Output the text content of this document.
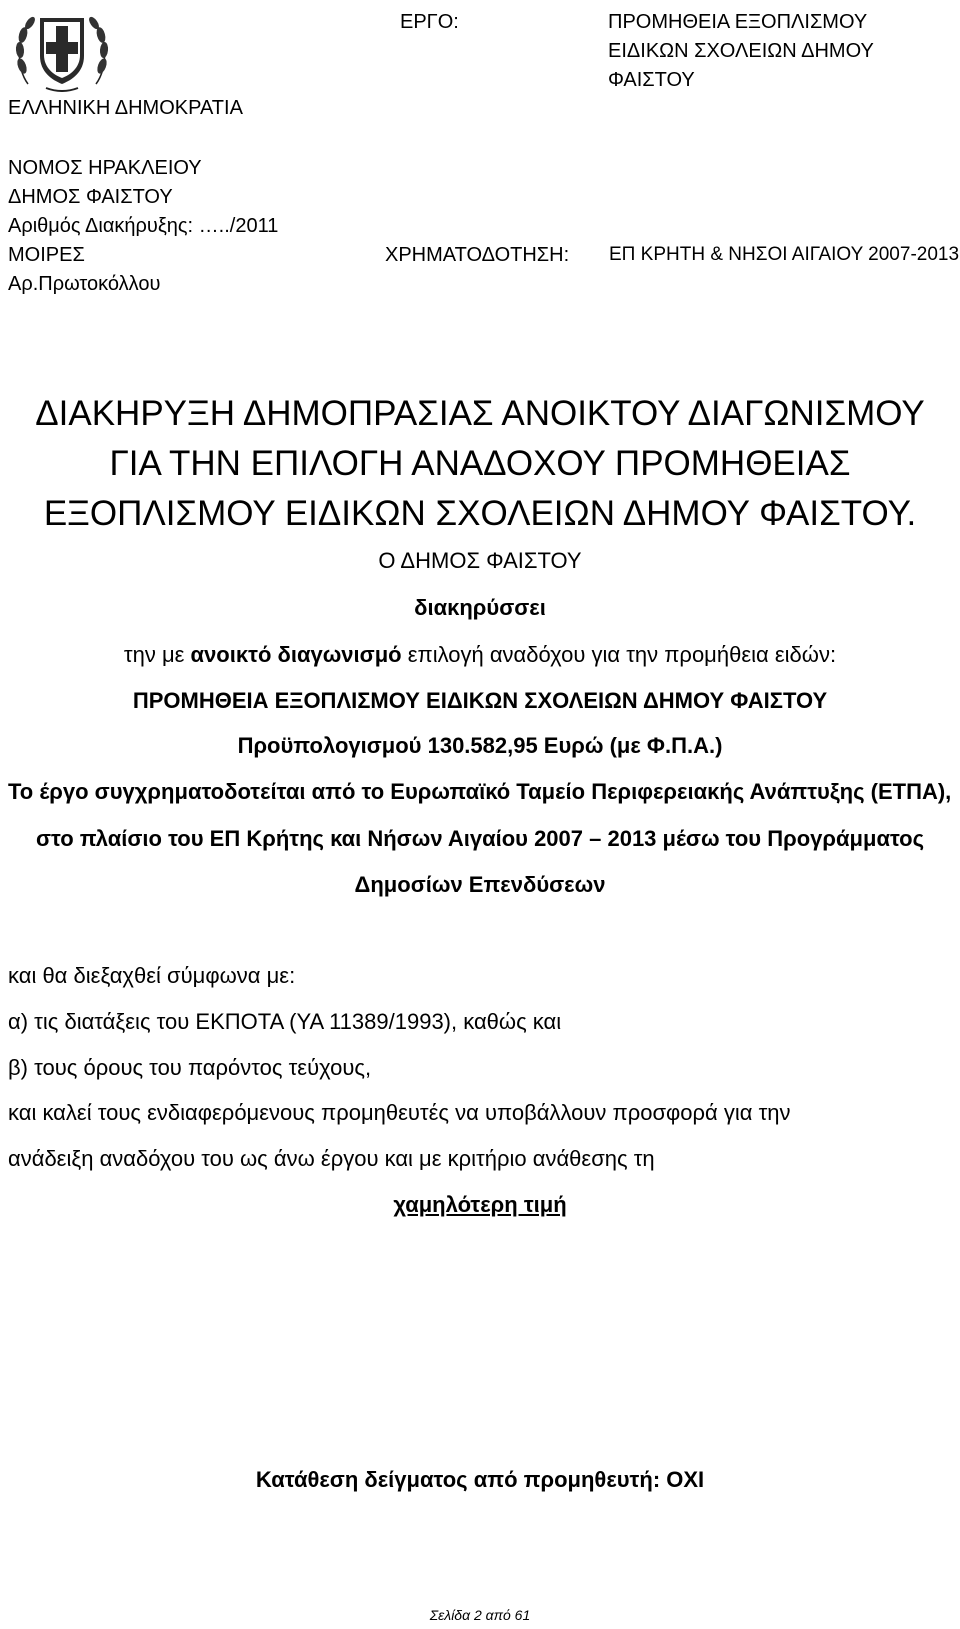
ΕΛΛΗΝΙΚΗ ΔΗΜΟΚΡΑΤΙΑ
ΝΟΜΟΣ ΗΡΑΚΛΕΙΟΥ
ΔΗΜΟΣ ΦΑΙΣΤΟΥ
Αριθμός Διακήρυξης: …../2011
ΜΟΙΡΕΣ
Αρ.Πρωτοκόλλου
ΕΡΓΟ:	ΠΡΟΜΗΘΕΙΑ ΕΞΟΠΛΙΣΜΟΥ
ΕΙΔΙΚΩΝ ΣΧΟΛΕΙΩΝ ΔΗΜΟΥ
ΦΑΙΣΤΟΥ
ΧΡΗΜΑΤΟΔΟΤΗΣΗ: ΕΠ ΚΡΗΤΗ & ΝΗΣΟΙ ΑΙΓΑΙΟΥ 2007-2013
ΔΙΑΚΗΡΥΞΗ ΔΗΜΟΠΡΑΣΙΑΣ ΑΝΟΙΚΤΟΥ ΔΙΑΓΩΝΙΣΜΟΥ
ΓΙΑ ΤΗΝ ΕΠΙΛΟΓΗ ΑΝΑΔΟΧΟΥ ΠΡΟΜΗΘΕΙΑΣ
ΕΞΟΠΛΙΣΜΟΥ ΕΙΔΙΚΩΝ ΣΧΟΛΕΙΩΝ ΔΗΜΟΥ ΦΑΙΣΤΟΥ.
Ο ΔΗΜΟΣ ΦΑΙΣΤΟΥ
διακηρύσσει
την με ανοικτό διαγωνισμό επιλογή αναδόχου για την προμήθεια ειδών:
ΠΡΟΜΗΘΕΙΑ ΕΞΟΠΛΙΣΜΟΥ ΕΙΔΙΚΩΝ ΣΧΟΛΕΙΩΝ ΔΗΜΟΥ ΦΑΙΣΤΟΥ
Προϋπολογισμού 130.582,95 Ευρώ (με Φ.Π.Α.)
Το έργο συγχρηματοδοτείται από το Ευρωπαϊκό Ταμείο Περιφερειακής Ανάπτυξης (ΕΤΠΑ),
στο πλαίσιο του ΕΠ Κρήτης και Νήσων Αιγαίου 2007 – 2013 μέσω του Προγράμματος
Δημοσίων Επενδύσεων
και θα διεξαχθεί σύμφωνα με:
α) τις διατάξεις του ΕΚΠΟΤΑ (ΥΑ 11389/1993), καθώς και
β) τους όρους του παρόντος τεύχους,
και καλεί τους ενδιαφερόμενους προμηθευτές να υποβάλλουν προσφορά για την
ανάδειξη αναδόχου του ως άνω έργου και με κριτήριο ανάθεσης τη
χαμηλότερη τιμή
Κατάθεση δείγματος από προμηθευτή: ΟΧΙ
Σελίδα 2 από 61
